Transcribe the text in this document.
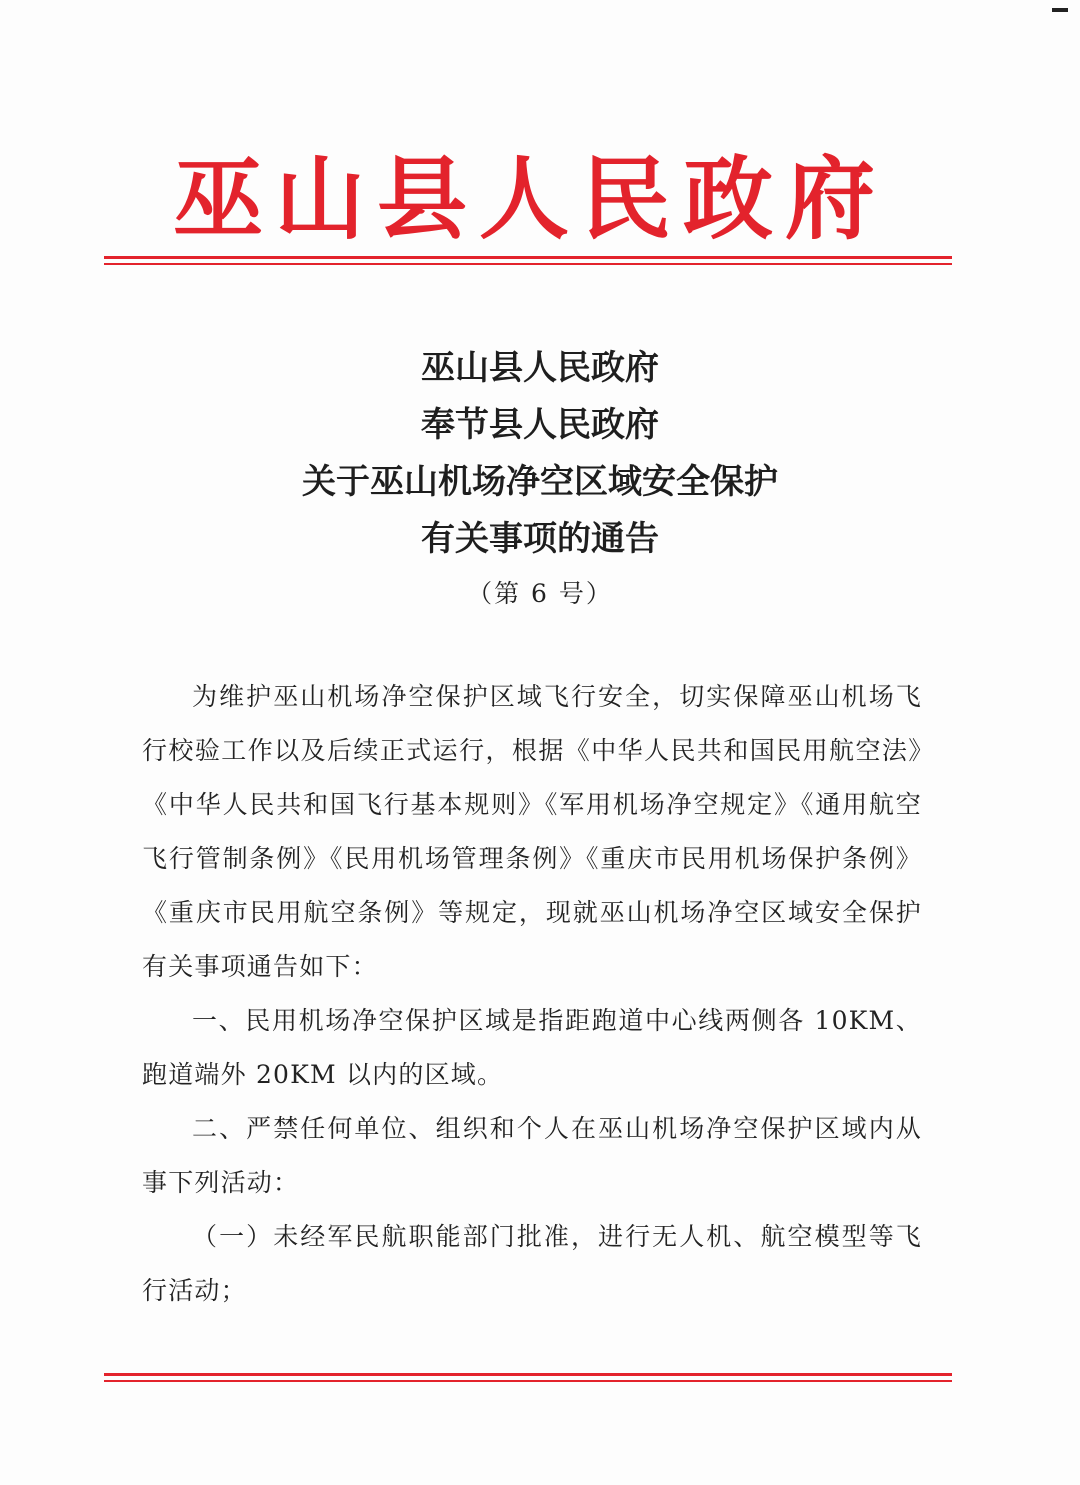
巫山县人民政府
巫山县人民政府
奉节县人民政府
关于巫山机场净空区域安全保护
有关事项的通告
（第 6 号）

为维护巫山机场净空保护区域飞行安全，切实保障巫山机场飞行校验工作以及后续正式运行，根据《中华人民共和国民用航空法》《中华人民共和国飞行基本规则》《军用机场净空规定》《通用航空飞行管制条例》《民用机场管理条例》《重庆市民用机场保护条例》《重庆市民用航空条例》等规定，现就巫山机场净空区域安全保护有关事项通告如下：

一、民用机场净空保护区域是指距跑道中心线两侧各 10KM、跑道端外 20KM 以内的区域。

二、严禁任何单位、组织和个人在巫山机场净空保护区域内从事下列活动：

（一）未经军民航职能部门批准，进行无人机、航空模型等飞行活动；
